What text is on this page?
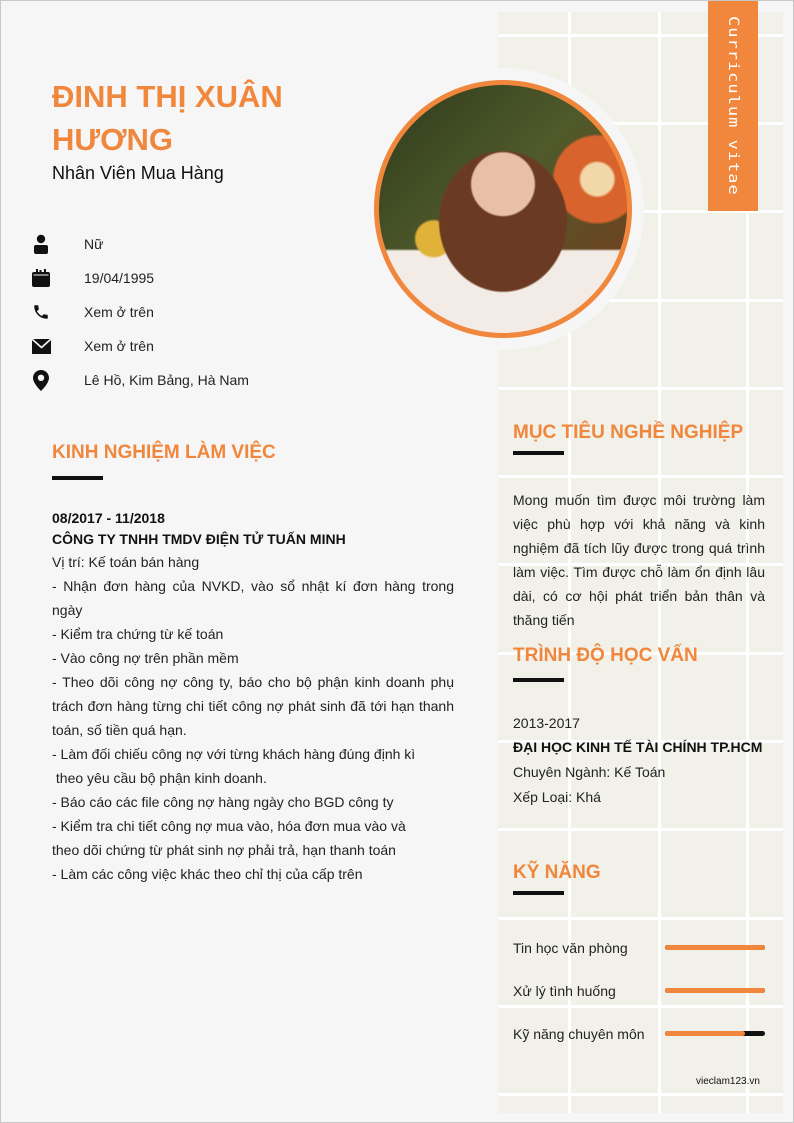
Curriculum vitae
ĐINH THỊ XUÂN HƯƠNG
Nhân Viên Mua Hàng
Nữ
19/04/1995
Xem ở trên
Xem ở trên
Lê Hồ, Kim Bảng, Hà Nam
KINH NGHIỆM LÀM VIỆC
08/2017 - 11/2018
CÔNG TY TNHH TMDV ĐIỆN TỬ TUẤN MINH
Vị trí: Kế toán bán hàng
- Nhận đơn hàng của NVKD, vào sổ nhật kí đơn hàng trong ngày
- Kiểm tra chứng từ kế toán
- Vào công nợ trên phần mềm
- Theo dõi công nợ công ty, báo cho bộ phận kinh doanh phụ trách đơn hàng từng chi tiết công nợ phát sinh đã tới hạn thanh toán, số tiền quá hạn.
- Làm đối chiếu công nợ với từng khách hàng đúng định kì
theo yêu cầu bộ phận kinh doanh.
- Báo cáo các file công nợ hàng ngày cho BGD công ty
- Kiểm tra chi tiết công nợ mua vào, hóa đơn mua vào và
theo dõi chứng từ phát sinh nợ phải trả, hạn thanh toán
- Làm các công việc khác theo chỉ thị của cấp trên
MỤC TIÊU NGHỀ NGHIỆP
Mong muốn tìm được môi trường làm việc phù hợp với khả năng và kinh nghiệm đã tích lũy được trong quá trình làm việc. Tìm được chỗ làm ổn định lâu dài, có cơ hội phát triển bản thân và thăng tiến
TRÌNH ĐỘ HỌC VẤN
2013-2017
ĐẠI HỌC KINH TẾ TÀI CHÍNH TP.HCM
Chuyên Ngành: Kế Toán
Xếp Loại: Khá
KỸ NĂNG
Tin học văn phòng
Xử lý tình huống
Kỹ năng chuyên môn
vieclam123.vn
